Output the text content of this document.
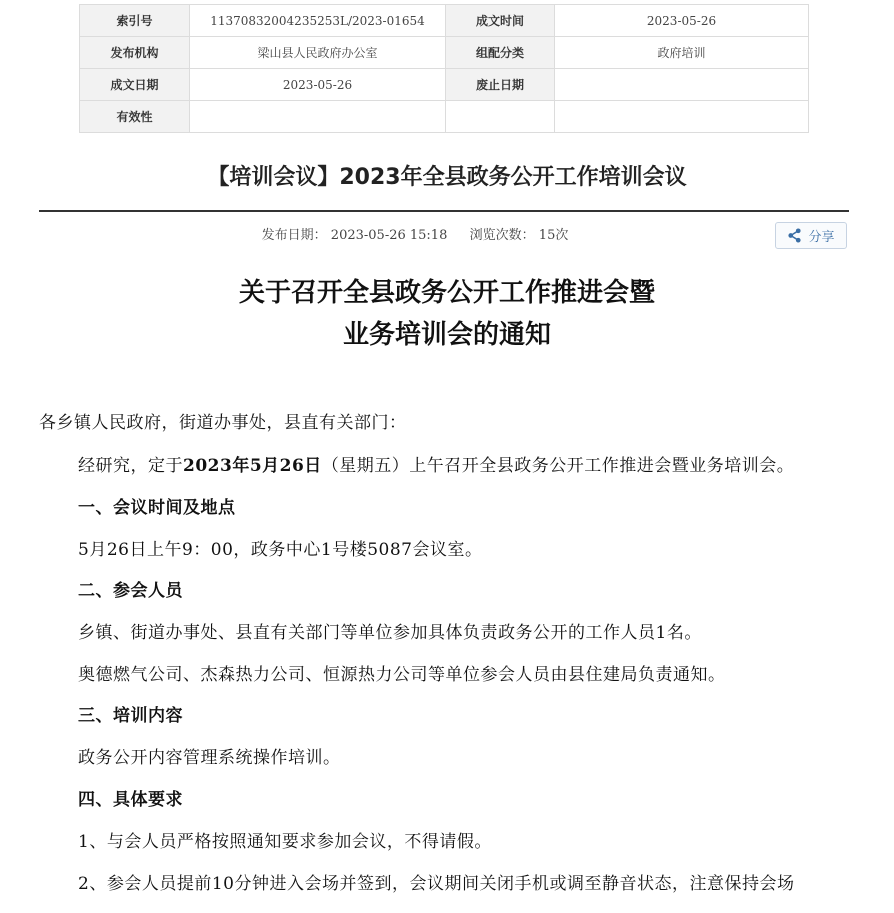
索引号	11370832004235253L/2023-01654	成文时间	2023-05-26
发布机构	梁山县人民政府办公室	组配分类	政府培训
成文日期	2023-05-26	废止日期	
有效性			
【培训会议】2023年全县政务公开工作培训会议
发布日期： 2023-05-26 15:18 浏览次数： 15次	分享
关于召开全县政务公开工作推进会暨
业务培训会的通知
各乡镇人民政府，街道办事处，县直有关部门：
经研究，定于2023年5月26日（星期五）上午召开全县政务公开工作推进会暨业务培训会。
一、会议时间及地点
5月26日上午9：00，政务中心1号楼5087会议室。
二、参会人员
乡镇、街道办事处、县直有关部门等单位参加具体负责政务公开的工作人员1名。
奥德燃气公司、杰森热力公司、恒源热力公司等单位参会人员由县住建局负责通知。
三、培训内容
政务公开内容管理系统操作培训。
四、具体要求
1、与会人员严格按照通知要求参加会议，不得请假。
2、参会人员提前10分钟进入会场并签到，会议期间关闭手机或调至静音状态，注意保持会场
